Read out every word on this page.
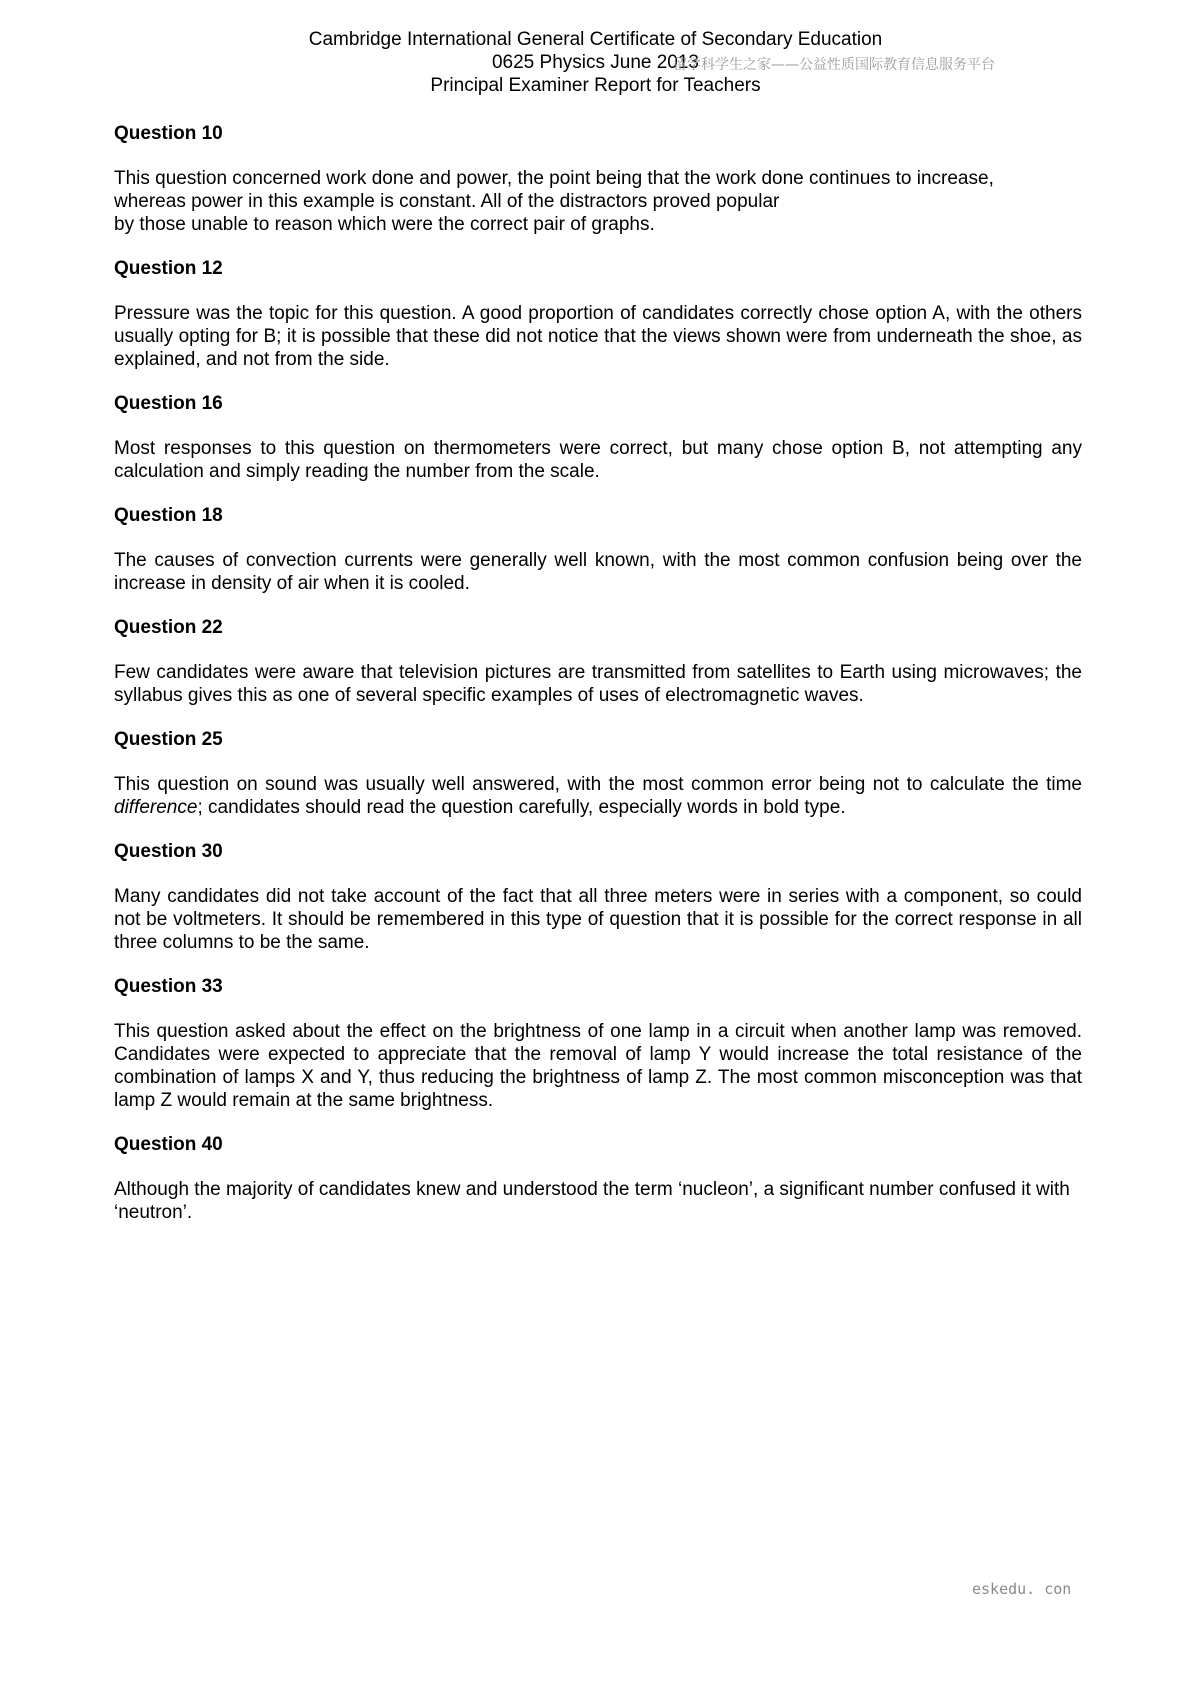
Cambridge International General Certificate of Secondary Education
0625 Physics June 2013
Principal Examiner Report for Teachers
留学科学生之家——公益性质国际教育信息服务平台
Question 10

This question concerned work done and power, the point being that the work done continues to increase,
whereas power in this example is constant. All of the distractors proved popular
by those unable to reason which were the correct pair of graphs.

Question 12

Pressure was the topic for this question. A good proportion of candidates correctly chose option A, with the others usually opting for B; it is possible that these did not notice that the views shown were from underneath the shoe, as explained, and not from the side.

Question 16

Most responses to this question on thermometers were correct, but many chose option B, not attempting any calculation and simply reading the number from the scale.

Question 18

The causes of convection currents were generally well known, with the most common confusion being over the increase in density of air when it is cooled.

Question 22

Few candidates were aware that television pictures are transmitted from satellites to Earth using microwaves; the syllabus gives this as one of several specific examples of uses of electromagnetic waves.

Question 25

This question on sound was usually well answered, with the most common error being not to calculate the time difference; candidates should read the question carefully, especially words in bold type.

Question 30

Many candidates did not take account of the fact that all three meters were in series with a component, so could not be voltmeters. It should be remembered in this type of question that it is possible for the correct response in all three columns to be the same.

Question 33

This question asked about the effect on the brightness of one lamp in a circuit when another lamp was removed. Candidates were expected to appreciate that the removal of lamp Y would increase the total resistance of the combination of lamps X and Y, thus reducing the brightness of lamp Z. The most common misconception was that lamp Z would remain at the same brightness.

Question 40

Although the majority of candidates knew and understood the term ‘nucleon’, a significant number confused it with ‘neutron’.

eskedu. con
